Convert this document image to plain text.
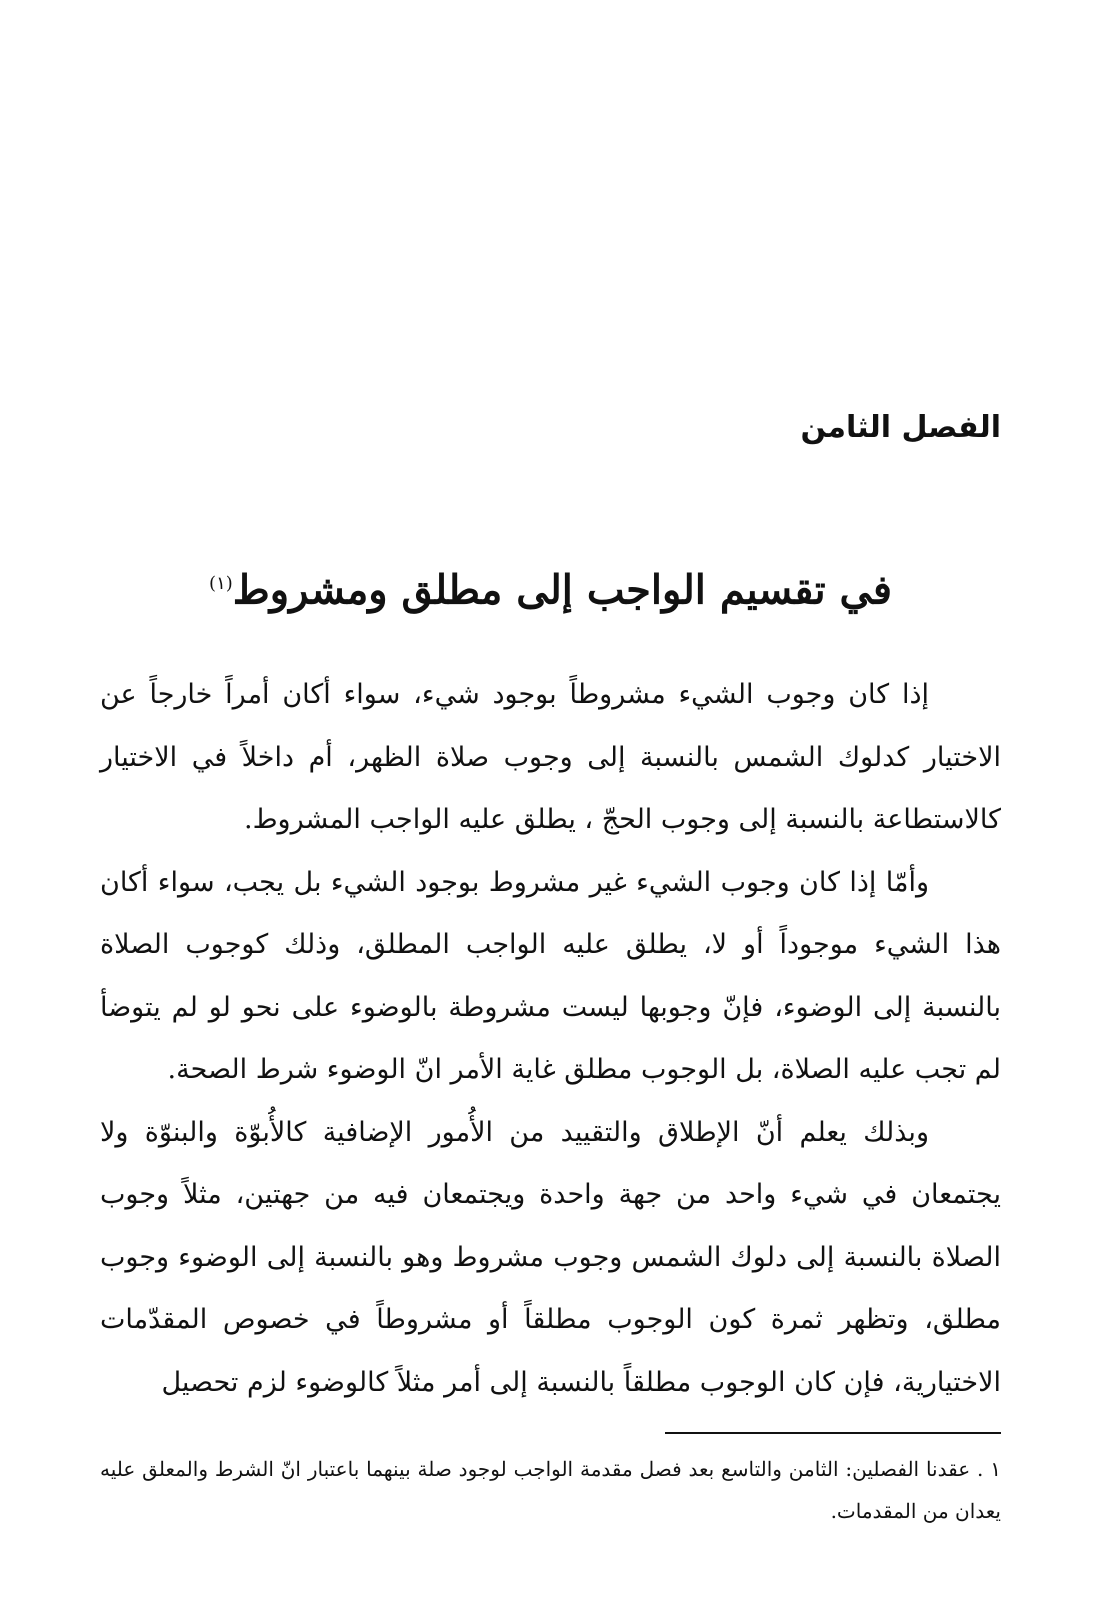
الفصل الثامن
في تقسيم الواجب إلى مطلق ومشروط$^{(١)}$

إذا كان وجوب الشيء مشروطاً بوجود شيء، سواء أكان أمراً خارجاً عن الاختيار كدلوك الشمس بالنسبة إلى وجوب صلاة الظهر، أم داخلاً في الاختيار كالاستطاعة بالنسبة إلى وجوب الحجّ ، يطلق عليه الواجب المشروط.

وأمّا إذا كان وجوب الشيء غير مشروط بوجود الشيء بل يجب، سواء أكان هذا الشيء موجوداً أو لا، يطلق عليه الواجب المطلق، وذلك كوجوب الصلاة بالنسبة إلى الوضوء، فإنّ وجوبها ليست مشروطة بالوضوء على نحو لو لم يتوضأ لم تجب عليه الصلاة، بل الوجوب مطلق غاية الأمر انّ الوضوء شرط الصحة.

وبذلك يعلم أنّ الإطلاق والتقييد من الأُمور الإضافية كالأُبوّة والبنوّة ولا يجتمعان في شيء واحد من جهة واحدة ويجتمعان فيه من جهتين، مثلاً وجوب الصلاة بالنسبة إلى دلوك الشمس وجوب مشروط وهو بالنسبة إلى الوضوء وجوب مطلق، وتظهر ثمرة كون الوجوب مطلقاً أو مشروطاً في خصوص المقدّمات الاختيارية، فإن كان الوجوب مطلقاً بالنسبة إلى أمر مثلاً كالوضوء لزم تحصيل

١ . عقدنا الفصلين: الثامن والتاسع بعد فصل مقدمة الواجب لوجود صلة بينهما باعتبار انّ الشرط والمعلق عليه يعدان من المقدمات.
